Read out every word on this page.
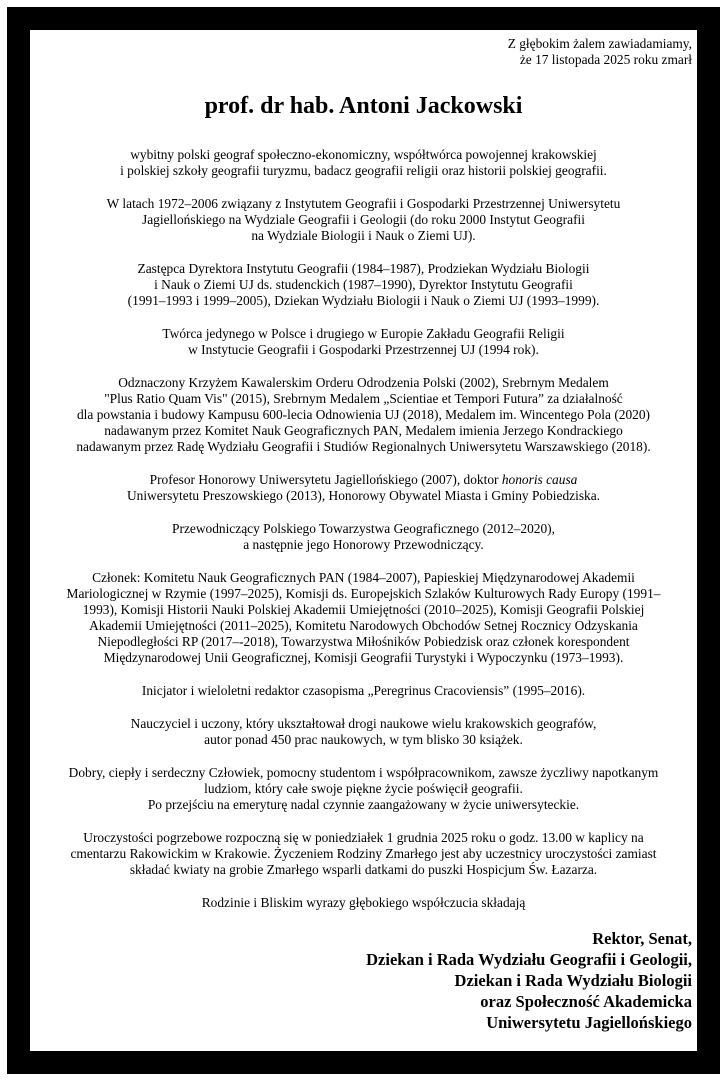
Z głębokim żalem zawiadamiamy,
że 17 listopada 2025 roku zmarł
prof. dr hab. Antoni Jackowski
wybitny polski geograf społeczno-ekonomiczny, współtwórca powojennej krakowskiej
i polskiej szkoły geografii turyzmu, badacz geografii religii oraz historii polskiej geografii.
W latach 1972–2006 związany z Instytutem Geografii i Gospodarki Przestrzennej Uniwersytetu
Jagiellońskiego na Wydziale Geografii i Geologii (do roku 2000 Instytut Geografii
na Wydziale Biologii i Nauk o Ziemi UJ).
Zastępca Dyrektora Instytutu Geografii (1984–1987), Prodziekan Wydziału Biologii
i Nauk o Ziemi UJ ds. studenckich (1987–1990), Dyrektor Instytutu Geografii
(1991–1993 i 1999–2005), Dziekan Wydziału Biologii i Nauk o Ziemi UJ (1993–1999).
Twórca jedynego w Polsce i drugiego w Europie Zakładu Geografii Religii
w Instytucie Geografii i Gospodarki Przestrzennej UJ (1994 rok).
Odznaczony Krzyżem Kawalerskim Orderu Odrodzenia Polski (2002), Srebrnym Medalem
"Plus Ratio Quam Vis" (2015), Srebrnym Medalem „Scientiae et Tempori Futura” za działalność
dla powstania i budowy Kampusu 600-lecia Odnowienia UJ (2018), Medalem im. Wincentego Pola (2020)
nadawanym przez Komitet Nauk Geograficznych PAN, Medalem imienia Jerzego Kondrackiego
nadawanym przez Radę Wydziału Geografii i Studiów Regionalnych Uniwersytetu Warszawskiego (2018).
Profesor Honorowy Uniwersytetu Jagiellońskiego (2007), doktor honoris causa
Uniwersytetu Preszowskiego (2013), Honorowy Obywatel Miasta i Gminy Pobiedziska.
Przewodniczący Polskiego Towarzystwa Geograficznego (2012–2020),
a następnie jego Honorowy Przewodniczący.
Członek: Komitetu Nauk Geograficznych PAN (1984–2007), Papieskiej Międzynarodowej Akademii
Mariologicznej w Rzymie (1997–2025), Komisji ds. Europejskich Szlaków Kulturowych Rady Europy (1991–
1993), Komisji Historii Nauki Polskiej Akademii Umiejętności (2010–2025), Komisji Geografii Polskiej
Akademii Umiejętności (2011–2025), Komitetu Narodowych Obchodów Setnej Rocznicy Odzyskania
Niepodległości RP (2017–-2018), Towarzystwa Miłośników Pobiedzisk oraz członek korespondent
Międzynarodowej Unii Geograficznej, Komisji Geografii Turystyki i Wypoczynku (1973–1993).
Inicjator i wieloletni redaktor czasopisma „Peregrinus Cracoviensis” (1995–2016).
Nauczyciel i uczony, który ukształtował drogi naukowe wielu krakowskich geografów,
autor ponad 450 prac naukowych, w tym blisko 30 książek.
Dobry, ciepły i serdeczny Człowiek, pomocny studentom i współpracownikom, zawsze życzliwy napotkanym
ludziom, który całe swoje piękne życie poświęcił geografii.
Po przejściu na emeryturę nadal czynnie zaangażowany w życie uniwersyteckie.
Uroczystości pogrzebowe rozpoczną się w poniedziałek 1 grudnia 2025 roku o godz. 13.00 w kaplicy na
cmentarzu Rakowickim w Krakowie. Życzeniem Rodziny Zmarłego jest aby uczestnicy uroczystości zamiast
składać kwiaty na grobie Zmarłego wsparli datkami do puszki Hospicjum Św. Łazarza.
Rodzinie i Bliskim wyrazy głębokiego współczucia składają
Rektor, Senat,
Dziekan i Rada Wydziału Geografii i Geologii,
Dziekan i Rada Wydziału Biologii
oraz Społeczność Akademicka
Uniwersytetu Jagiellońskiego
